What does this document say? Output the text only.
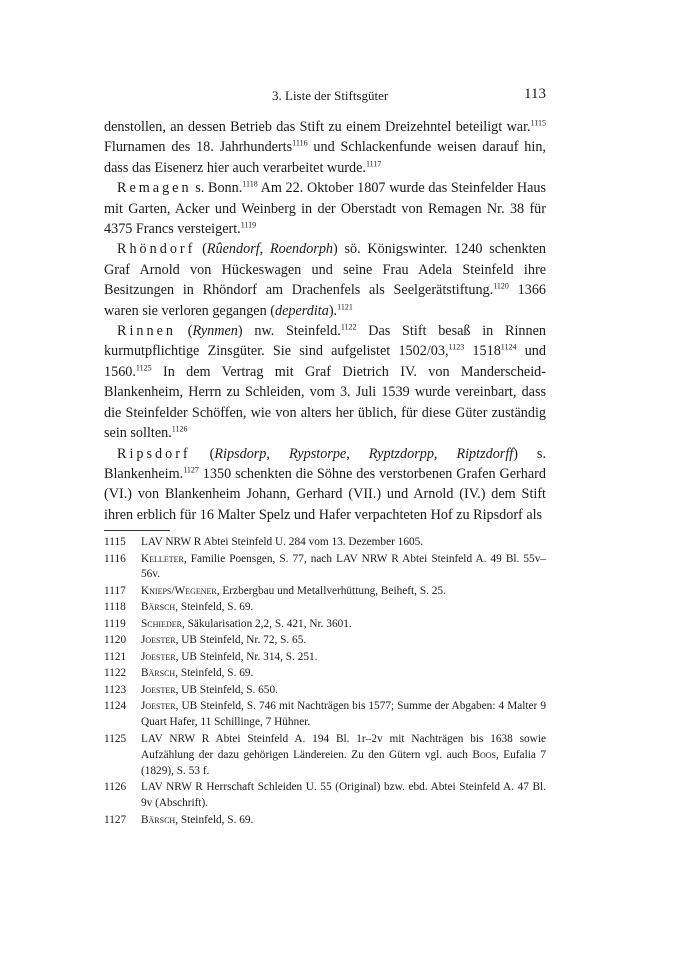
3. Liste der Stiftsgüter	113

denstollen, an dessen Betrieb das Stift zu einem Dreizehntel beteiligt war.$^{1115}$ Flurnamen des 18. Jahrhunderts$^{1116}$ und Schlackenfunde weisen darauf hin, dass das Eisenerz hier auch verarbeitet wurde.$^{1117}$

Remagen s. Bonn.$^{1118}$ Am 22. Oktober 1807 wurde das Steinfelder Haus mit Garten, Acker und Weinberg in der Oberstadt von Remagen Nr. 38 für 4375 Francs versteigert.$^{1119}$

Rhöndorf (Rûendorf, Roendorph) sö. Königswinter. 1240 schenkten Graf Arnold von Hückeswagen und seine Frau Adela Steinfeld ihre Besitzungen in Rhöndorf am Drachenfels als Seelgerätstiftung.$^{1120}$ 1366 waren sie verloren gegangen (deperdita).$^{1121}$

Rinnen (Rynmen) nw. Steinfeld.$^{1122}$ Das Stift besaß in Rinnen kurmutpflichtige Zinsgüter. Sie sind aufgelistet 1502/03,$^{1123}$ $1518^{1124}$ und 1560.$^{1125}$ In dem Vertrag mit Graf Dietrich IV. von Manderscheid-Blankenheim, Herrn zu Schleiden, vom 3. Juli 1539 wurde vereinbart, dass die Steinfelder Schöffen, wie von alters her üblich, für diese Güter zuständig sein sollten.$^{1126}$

Ripsdorf (Ripsdorp, Rypstorpe, Ryptzdorpp, Riptzdorff) s. Blankenheim.$^{1127}$ 1350 schenkten die Söhne des verstorbenen Grafen Gerhard (VI.) von Blankenheim Johann, Gerhard (VII.) und Arnold (IV.) dem Stift ihren erblich für 16 Malter Spelz und Hafer verpachteten Hof zu Ripsdorf als

1115	LAV NRW R Abtei Steinfeld U. 284 vom 13. Dezember 1605.
1116	Kelleter, Familie Poensgen, S. 77, nach LAV NRW R Abtei Steinfeld A. 49 Bl. 55v–56v.
1117	Knieps/Wegener, Erzbergbau und Metallverhüttung, Beiheft, S. 25.
1118	Bärsch, Steinfeld, S. 69.
1119	Schieder, Säkularisation 2,2, S. 421, Nr. 3601.
1120	Joester, UB Steinfeld, Nr. 72, S. 65.
1121	Joester, UB Steinfeld, Nr. 314, S. 251.
1122	Bärsch, Steinfeld, S. 69.
1123	Joester, UB Steinfeld, S. 650.
1124	Joester, UB Steinfeld, S. 746 mit Nachträgen bis 1577; Summe der Abgaben: 4 Malter 9 Quart Hafer, 11 Schillinge, 7 Hühner.
1125	LAV NRW R Abtei Steinfeld A. 194 Bl. 1r–2v mit Nachträgen bis 1638 sowie Aufzählung der dazu gehörigen Ländereien. Zu den Gütern vgl. auch Boos, Eufalia 7 (1829), S. 53 f.
1126	LAV NRW R Herrschaft Schleiden U. 55 (Original) bzw. ebd. Abtei Steinfeld A. 47 Bl. 9v (Abschrift).
1127	Bärsch, Steinfeld, S. 69.
